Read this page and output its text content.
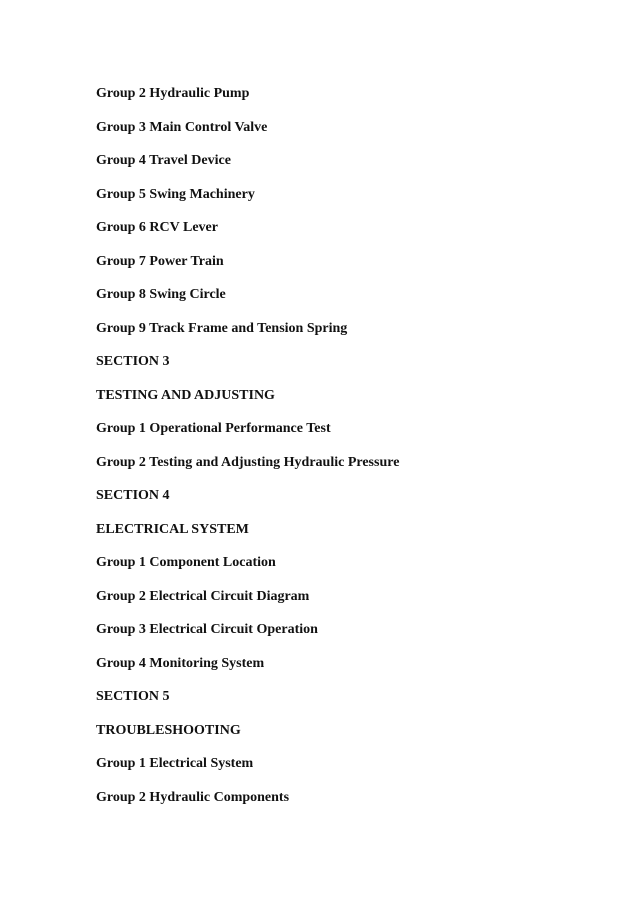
Group 2 Hydraulic Pump
Group 3 Main Control Valve
Group 4 Travel Device
Group 5 Swing Machinery
Group 6 RCV Lever
Group 7 Power Train
Group 8 Swing Circle
Group 9 Track Frame and Tension Spring
SECTION 3
TESTING AND ADJUSTING
Group 1 Operational Performance Test
Group 2 Testing and Adjusting Hydraulic Pressure
SECTION 4
ELECTRICAL SYSTEM
Group 1 Component Location
Group 2 Electrical Circuit Diagram
Group 3 Electrical Circuit Operation
Group 4 Monitoring System
SECTION 5
TROUBLESHOOTING
Group 1 Electrical System
Group 2 Hydraulic Components
